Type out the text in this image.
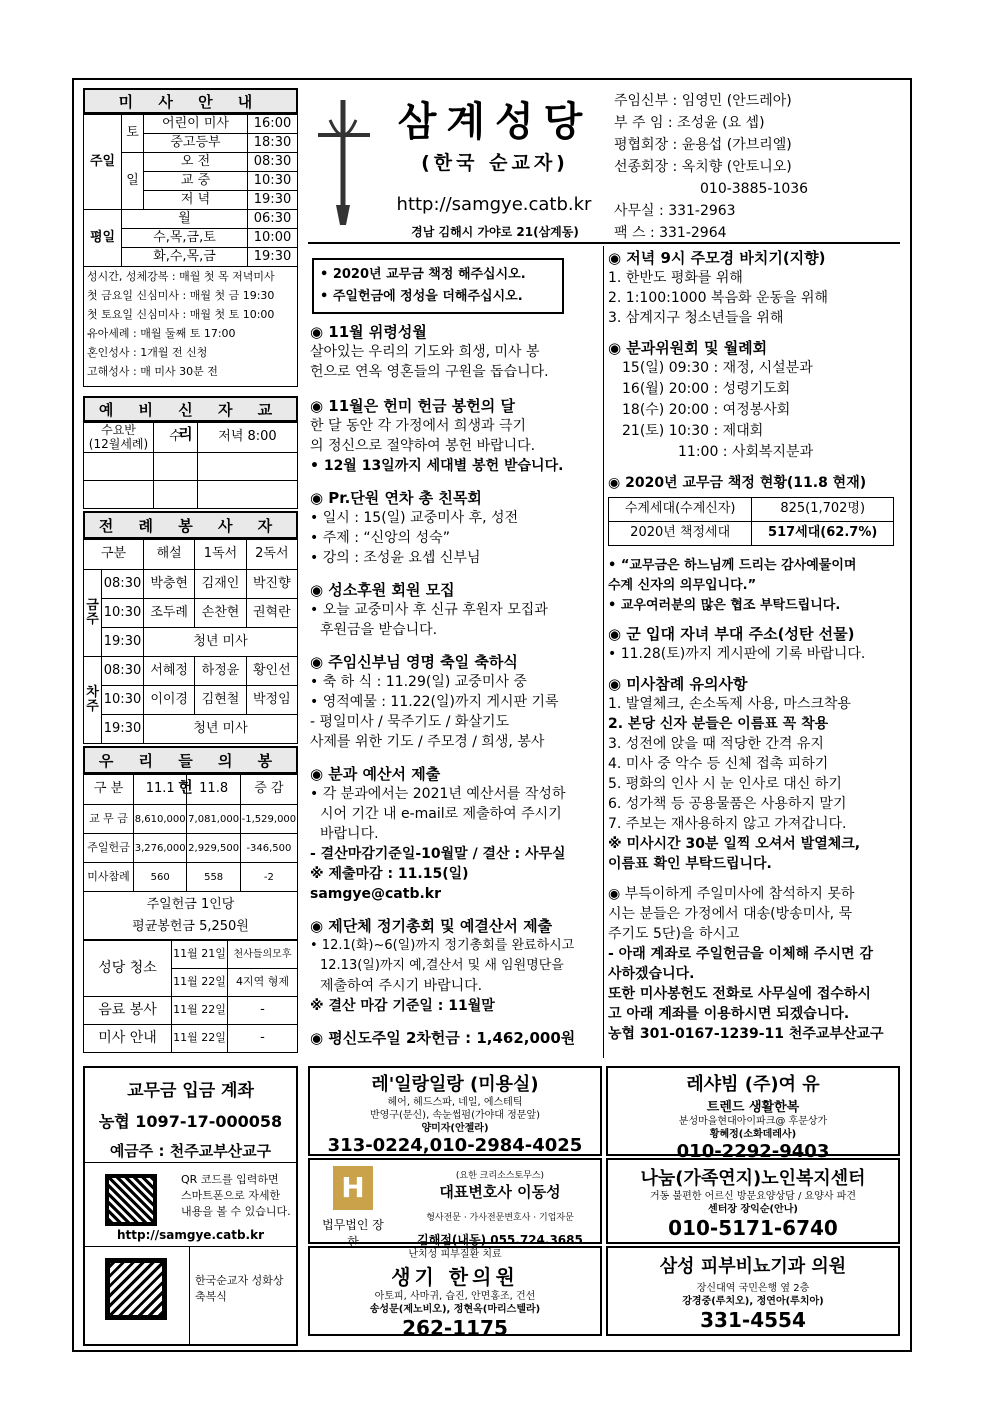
미 사 안 내
주일	토	어린이 미사	16:00
		중고등부	18:30
	일	오 전	08:30
		교 중	10:30
		저 녁	19:30
평일	월		06:30
	수,목,금,토		10:00
	화,수,목,금		19:30
성시간, 성체강복 : 매월 첫 목 저녁미사
첫 금요일 신심미사 : 매월 첫 금 19:30
첫 토요일 신심미사 : 매월 첫 토 10:00
유아세례 : 매월 둘째 토 17:00
혼인성사 : 1개월 전 신청
고해성사 : 매 미사 30분 전
예 비 신 자 교 리
수요반
(12월세례)	수	저녁 8:00

전 례 봉 사 자
구분		해설	1독서	2독서
금주	08:30	박충현	김재인	박진향
	10:30	조두례	손찬현	권혁란
	19:30	청년 미사		
차주	08:30	서혜정	하정윤	황인선
	10:30	이이경	김현철	박정임
	19:30	청년 미사		
우 리 들 의 봉 헌
구 분	11.1	11.8	증 감
교 무 금	8,610,000	7,081,000	-1,529,000
주일헌금	3,276,000	2,929,500	-346,500
미사참례	560	558	-2

주일헌금 1인당
평균봉헌금 5,250원			
성당 청소	11월 21일	천사들의모후
	11월 22일	4지역 형제
음료 봉사	11월 22일	-
미사 안내	11월 22일	-
삼계성당
(한국 순교자)
http://samgye.catb.kr
경남 김해시 가야로 21(삼계동)
주임신부 : 임영민 (안드레아)
부 주 임 : 조성윤 (요 셉)
평협회장 : 윤용섭 (가브리엘)
선종회장 : 옥치향 (안토니오)
010-3885-1036
사무실 : 331-2963
팩 스 : 331-2964
• 2020년 교무금 책정 해주십시오.
• 주일헌금에 정성을 더해주십시오.

◉ 11월 위령성월

살아있는 우리의 기도와 희생, 미사 봉

헌으로 연옥 영혼들의 구원을 돕습니다.

◉ 11월은 헌미 헌금 봉헌의 달

한 달 동안 각 가정에서 희생과 극기

의 정신으로 절약하여 봉헌 바랍니다.

• 12월 13일까지 세대별 봉헌 받습니다.

◉ Pr.단원 연차 총 친목회

• 일시 : 15(일) 교중미사 후, 성전

• 주제 : “신앙의 성숙”

• 강의 : 조성윤 요셉 신부님

◉ 성소후원 회원 모집

• 오늘 교중미사 후 신규 후원자 모집과

후원금을 받습니다.

◉ 주임신부님 영명 축일 축하식

• 축 하 식 : 11.29(일) 교중미사 중

• 영적예물 : 11.22(일)까지 게시판 기록

- 평일미사 / 묵주기도 / 화살기도

사제를 위한 기도 / 주모경 / 희생, 봉사

◉ 분과 예산서 제출

• 각 분과에서는 2021년 예산서를 작성하

시어 기간 내 e-mail로 제출하여 주시기

바랍니다.

- 결산마감기준일-10월말 / 결산 : 사무실

※ 제출마감 : 11.15(일) samgye@catb.kr

◉ 제단체 정기총회 및 예결산서 제출

• 12.1(화)~6(일)까지 정기총회를 완료하시고

12.13(일)까지 예,결산서 및 새 임원명단을

제출하여 주시기 바랍니다.

※ 결산 마감 기준일 : 11월말

◉ 평신도주일 2차헌금 : 1,462,000원

◉ 저녁 9시 주모경 바치기(지향)

1. 한반도 평화를 위해

2. 1:100:1000 복음화 운동을 위해

3. 삼계지구 청소년들을 위해

◉ 분과위원회 및 월례회

15(일) 09:30 : 재정, 시설분과

16(월) 20:00 : 성령기도회

18(수) 20:00 : 여정봉사회

21(토) 10:30 : 제대회

11:00 : 사회복지분과

◉ 2020년 교무금 책정 현황(11.8 현재)

수계세대(수계신자)	825(1,702명)
2020년 책정세대	517세대(62.7%)

• “교무금은 하느님께 드리는 감사예물이며

수계 신자의 의무입니다.”

• 교우여러분의 많은 협조 부탁드립니다.

◉ 군 입대 자녀 부대 주소(성탄 선물)

• 11.28(토)까지 게시판에 기록 바랍니다.

◉ 미사참례 유의사항

1. 발열체크, 손소독제 사용, 마스크착용

2. 본당 신자 분들은 이름표 꼭 착용

3. 성전에 앉을 때 적당한 간격 유지

4. 미사 중 악수 등 신체 접촉 피하기

5. 평화의 인사 시 눈 인사로 대신 하기

6. 성가책 등 공용물품은 사용하지 말기

7. 주보는 재사용하지 않고 가져갑니다.

※ 미사시간 30분 일찍 오셔서 발열체크,

이름표 확인 부탁드립니다.

◉ 부득이하게 주일미사에 참석하지 못하

시는 분들은 가정에서 대송(방송미사, 묵

주기도 5단)을 하시고

- 아래 계좌로 주일헌금을 이체해 주시면 감

사하겠습니다.

또한 미사봉헌도 전화로 사무실에 접수하시

고 아래 계좌를 이용하시면 되겠습니다.

농협 301-0167-1239-11 천주교부산교구

교무금 입금 계좌
농협 1097-17-000058
예금주 : 천주교부산교구
QR 코드를 입력하면
스마트폰으로 자세한
내용을 볼 수 있습니다.
http://samgye.catb.kr
한국순교자 성화상
축복식
레'일랑일랑 (미용실)
헤어, 헤드스파, 네일, 에스테틱
반영구(문신), 속눈썹펌(가야대 정문앞)
양미자(안젤라)
313-0224,010-2984-4025
레샤빔 (주)여 유
트렌드 생활한복
분성마을현대아이파크@ 후문상가
황혜정(소화데레사)
010-2292-9403
H
법무법인 장한
(요한 크리소스토무스)
대표변호사 이동성
형사전문 · 가사전문변호사 · 기업자문
김해점(내동) 055.724.3685
나눔(가족연지)노인복지센터
거동 불편한 어르신 방문요양상담 / 요양사 파견
센터장 장익순(안나)
010-5171-6740
난치성 피부질환 치료
생기 한의원
아토피, 사마귀, 습진, 안면홍조, 건선
송성문(제노비오), 정현옥(마리스텔라)
262-1175
삼성 피부비뇨기과 의원
장신대역 국민은행 옆 2층
강경중(루치오), 정연아(루치아)
331-4554
